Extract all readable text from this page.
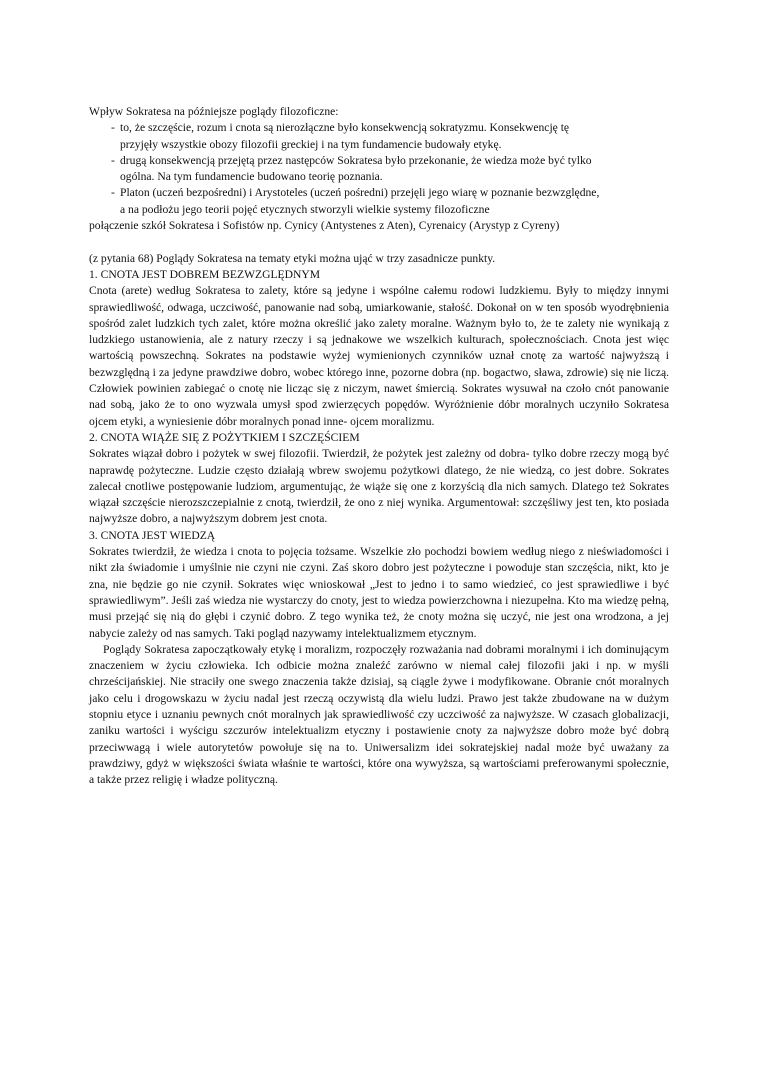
Wpływ Sokratesa na późniejsze poglądy filozoficzne:
- to, że szczęście, rozum i cnota są nierozłączne było konsekwencją sokratyzmu. Konsekwencję tę
przyjęły wszystkie obozy filozofii greckiej i na tym fundamencie budowały etykę.
- drugą konsekwencją przejętą przez następców Sokratesa było przekonanie, że wiedza może być tylko
ogólna. Na tym fundamencie budowano teorię poznania.
- Platon (uczeń bezpośredni) i Arystoteles (uczeń pośredni) przejęli jego wiarę w poznanie bezwzględne,
a na podłożu jego teorii pojęć etycznych stworzyli wielkie systemy filozoficzne
połączenie szkół Sokratesa i Sofistów np. Cynicy (Antystenes z Aten), Cyrenaicy (Arystyp z Cyreny)
(z pytania 68) Poglądy Sokratesa na tematy etyki można ująć w trzy zasadnicze punkty.
1. CNOTA JEST DOBREM BEZWZGLĘDNYM

Cnota (arete) według Sokratesa to zalety, które są jedyne i wspólne całemu rodowi ludzkiemu. Były to między innymi sprawiedliwość, odwaga, uczciwość, panowanie nad sobą, umiarkowanie, stałość. Dokonał on w ten sposób wyodrębnienia spośród zalet ludzkich tych zalet, które można określić jako zalety moralne. Ważnym było to, że te zalety nie wynikają z ludzkiego ustanowienia, ale z natury rzeczy i są jednakowe we wszelkich kulturach, społecznościach. Cnota jest więc wartością powszechną. Sokrates na podstawie wyżej wymienionych czynników uznał cnotę za wartość najwyższą i bezwzględną i za jedyne prawdziwe dobro, wobec którego inne, pozorne dobra (np. bogactwo, sława, zdrowie) się nie liczą. Człowiek powinien zabiegać o cnotę nie licząc się z niczym, nawet śmiercią. Sokrates wysuwał na czoło cnót panowanie nad sobą, jako że to ono wyzwala umysł spod zwierzęcych popędów. Wyróżnienie dóbr moralnych uczyniło Sokratesa ojcem etyki, a wyniesienie dóbr moralnych ponad inne- ojcem moralizmu.

2. CNOTA WIĄŻE SIĘ Z POŻYTKIEM I SZCZĘŚCIEM

Sokrates wiązał dobro i pożytek w swej filozofii. Twierdził, że pożytek jest zależny od dobra- tylko dobre rzeczy mogą być naprawdę pożyteczne. Ludzie często działają wbrew swojemu pożytkowi dlatego, że nie wiedzą, co jest dobre. Sokrates zalecał cnotliwe postępowanie ludziom, argumentując, że wiąże się one z korzyścią dla nich samych. Dlatego też Sokrates wiązał szczęście nierozszczepialnie z cnotą, twierdził, że ono z niej wynika. Argumentował: szczęśliwy jest ten, kto posiada najwyższe dobro, a najwyższym dobrem jest cnota.

3. CNOTA JEST WIEDZĄ

Sokrates twierdził, że wiedza i cnota to pojęcia tożsame. Wszelkie zło pochodzi bowiem według niego z nieświadomości i nikt zła świadomie i umyślnie nie czyni nie czyni. Zaś skoro dobro jest pożyteczne i powoduje stan szczęścia, nikt, kto je zna, nie będzie go nie czynił. Sokrates więc wnioskował „Jest to jedno i to samo wiedzieć, co jest sprawiedliwe i być sprawiedliwym”. Jeśli zaś wiedza nie wystarczy do cnoty, jest to wiedza powierzchowna i niezupełna. Kto ma wiedzę pełną, musi przejąć się nią do głębi i czynić dobro. Z tego wynika też, że cnoty można się uczyć, nie jest ona wrodzona, a jej nabycie zależy od nas samych. Taki pogląd nazywamy intelektualizmem etycznym.

Poglądy Sokratesa zapoczątkowały etykę i moralizm, rozpoczęły rozważania nad dobrami moralnymi i ich dominującym znaczeniem w życiu człowieka. Ich odbicie można znaleźć zarówno w niemal całej filozofii jaki i np. w myśli chrześcijańskiej. Nie straciły one swego znaczenia także dzisiaj, są ciągle żywe i modyfikowane. Obranie cnót moralnych jako celu i drogowskazu w życiu nadal jest rzeczą oczywistą dla wielu ludzi. Prawo jest także zbudowane na w dużym stopniu etyce i uznaniu pewnych cnót moralnych jak sprawiedliwość czy uczciwość za najwyższe. W czasach globalizacji, zaniku wartości i wyścigu szczurów intelektualizm etyczny i postawienie cnoty za najwyższe dobro może być dobrą przeciwwagą i wiele autorytetów powołuje się na to. Uniwersalizm idei sokratejskiej nadal może być uważany za prawdziwy, gdyż w większości świata właśnie te wartości, które ona wywyższa, są wartościami preferowanymi społecznie, a także przez religię i władze polityczną.
